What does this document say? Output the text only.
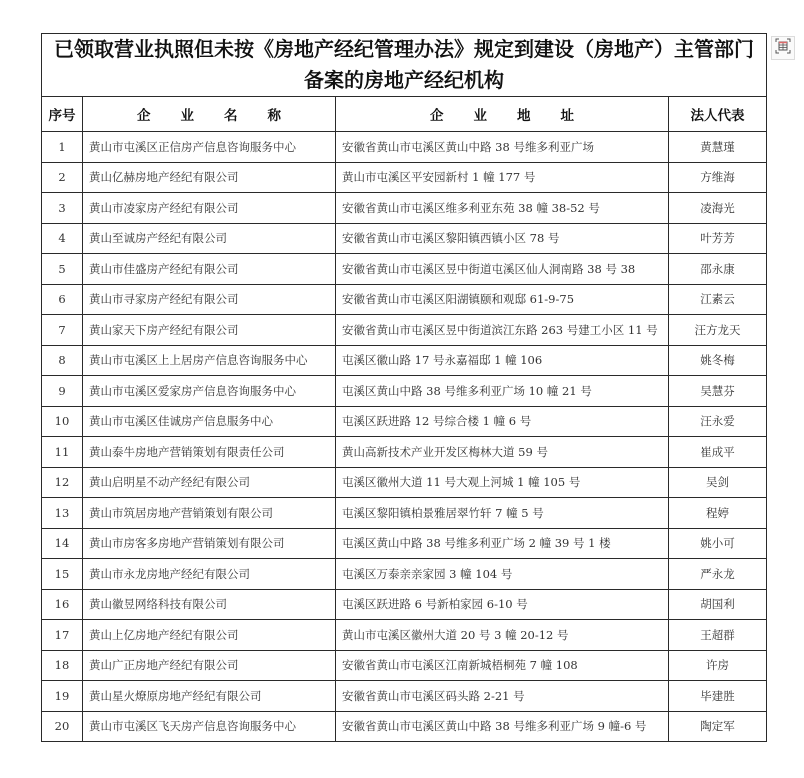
已领取营业执照但未按《房地产经纪管理办法》规定到建设（房地产）主管部门
备案的房地产经纪机构			

序号	企业名称	企业地址	法人代表
1	黄山市屯溪区正信房产信息咨询服务中心	安徽省黄山市屯溪区黄山中路 38 号维多利亚广场	黄慧瑾
2	黄山亿赫房地产经纪有限公司	黄山市屯溪区平安园新村 1 幢 177 号	方维海
3	黄山市凌家房产经纪有限公司	安徽省黄山市屯溪区维多利亚东苑 38 幢 38-52 号	凌海光
4	黄山至诚房产经纪有限公司	安徽省黄山市屯溪区黎阳镇西镇小区 78 号	叶芳芳
5	黄山市佳盛房产经纪有限公司	安徽省黄山市屯溪区昱中街道屯溪区仙人洞南路 38 号 38	邵永康
6	黄山市寻家房产经纪有限公司	安徽省黄山市屯溪区阳湖镇颐和观邸 61-9-75	江素云
7	黄山家天下房产经纪有限公司	安徽省黄山市屯溪区昱中街道滨江东路 263 号建工小区 11 号	汪方龙天
8	黄山市屯溪区上上居房产信息咨询服务中心	屯溪区徽山路 17 号永嘉福邸 1 幢 106	姚冬梅
9	黄山市屯溪区爱家房产信息咨询服务中心	屯溪区黄山中路 38 号维多利亚广场 10 幢 21 号	吴慧芬
10	黄山市屯溪区佳诚房产信息服务中心	屯溪区跃进路 12 号综合楼 1 幢 6 号	汪永爱
11	黄山泰牛房地产营销策划有限责任公司	黄山高新技术产业开发区梅林大道 59 号	崔成平
12	黄山启明星不动产经纪有限公司	屯溪区徽州大道 11 号大观上河城 1 幢 105 号	吴剑
13	黄山市筑居房地产营销策划有限公司	屯溪区黎阳镇柏景雅居翠竹轩 7 幢 5 号	程婷
14	黄山市房客多房地产营销策划有限公司	屯溪区黄山中路 38 号维多利亚广场 2 幢 39 号 1 楼	姚小可
15	黄山市永龙房地产经纪有限公司	屯溪区万泰亲亲家园 3 幢 104 号	严永龙
16	黄山徽昱网络科技有限公司	屯溪区跃进路 6 号新柏家园 6-10 号	胡国利
17	黄山上亿房地产经纪有限公司	黄山市屯溪区徽州大道 20 号 3 幢 20-12 号	王超群
18	黄山广正房地产经纪有限公司	安徽省黄山市屯溪区江南新城梧桐苑 7 幢 108	许房
19	黄山星火燎原房地产经纪有限公司	安徽省黄山市屯溪区码头路 2-21 号	毕建胜
20	黄山市屯溪区飞天房产信息咨询服务中心	安徽省黄山市屯溪区黄山中路 38 号维多利亚广场 9 幢-6 号	陶定军
